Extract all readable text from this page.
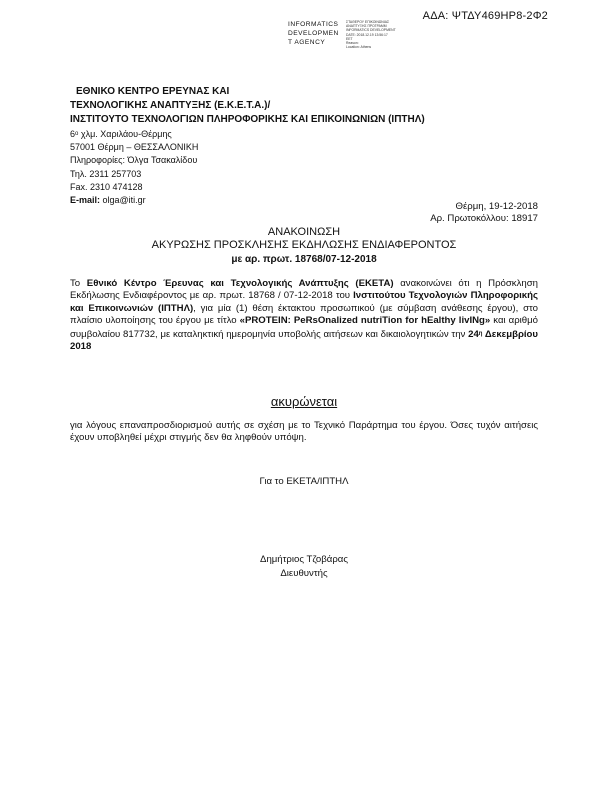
ΑΔΑ: ΨΤΔΥ469ΗΡ8-2Φ2
INFORMATICS
DEVELOPMEN
T AGENCY
ΣΤΑΘΕΡΟΥ ΕΠΙΚΟΙΝΩΝΙΑΣ
ΑΝΑΠΤΥΞΗΣ ΠΡΟΓΡΑΜΜ
INFORMATICS DEVELOPMENT
DATE: 2018.12.19 13:56:17
EET
Reason:
Location: Athens
ΕΘΝΙΚΟ ΚΕΝΤΡΟ ΕΡΕΥΝΑΣ ΚΑΙ
ΤΕΧΝΟΛΟΓΙΚΗΣ ΑΝΑΠΤΥΞΗΣ (Ε.Κ.Ε.Τ.Α.)/
ΙΝΣΤΙΤΟΥΤΟ ΤΕΧΝΟΛΟΓΙΩΝ ΠΛΗΡΟΦΟΡΙΚΗΣ ΚΑΙ ΕΠΙΚΟΙΝΩΝΙΩΝ (ΙΠΤΗΛ)
$6^o$ χλμ. Χαριλάου-Θέρμης
57001 Θέρμη – ΘΕΣΣΑΛΟΝΙΚΗ
Πληροφορίες: Όλγα Τσακαλίδου
Τηλ. 2311 257703
Fax. 2310 474128
E-mail: olga@iti.gr
Θέρμη, 19-12-2018
Αρ. Πρωτοκόλλου: 18917
ΑΝΑΚΟΙΝΩΣΗ
ΑΚΥΡΩΣΗΣ ΠΡΟΣΚΛΗΣΗΣ ΕΚΔΗΛΩΣΗΣ ΕΝΔΙΑΦΕΡΟΝΤΟΣ
με αρ. πρωτ. 18768/07-12-2018
Το Εθνικό Κέντρο Έρευνας και Τεχνολογικής Ανάπτυξης (ΕΚΕΤΑ) ανακοινώνει ότι η Πρόσκληση Εκδήλωσης Ενδιαφέροντος με αρ. πρωτ. 18768 / 07-12-2018 του Ινστιτούτου Τεχνολογιών Πληροφορικής και Επικοινωνιών (ΙΠΤΗΛ), για μία (1) θέση έκτακτου προσωπικού (με σύμβαση ανάθεσης έργου), στο πλαίσιο υλοποίησης του έργου με τίτλο «PROTEIN: PeRsOnalized nutriTion for hEalthy livINg» και αριθμό συμβολαίου 817732, με καταληκτική ημερομηνία υποβολής αιτήσεων και δικαιολογητικών την $24^\eta$ Δεκεμβρίου 2018
ακυρώνεται
για λόγους επαναπροσδιορισμού αυτής σε σχέση με το Τεχνικό Παράρτημα του έργου. Όσες τυχόν αιτήσεις έχουν υποβληθεί μέχρι στιγμής δεν θα ληφθούν υπόψη.
Για το ΕΚΕΤΑ/ΙΠΤΗΛ
Δημήτριος Τζοβάρας
Διευθυντής
